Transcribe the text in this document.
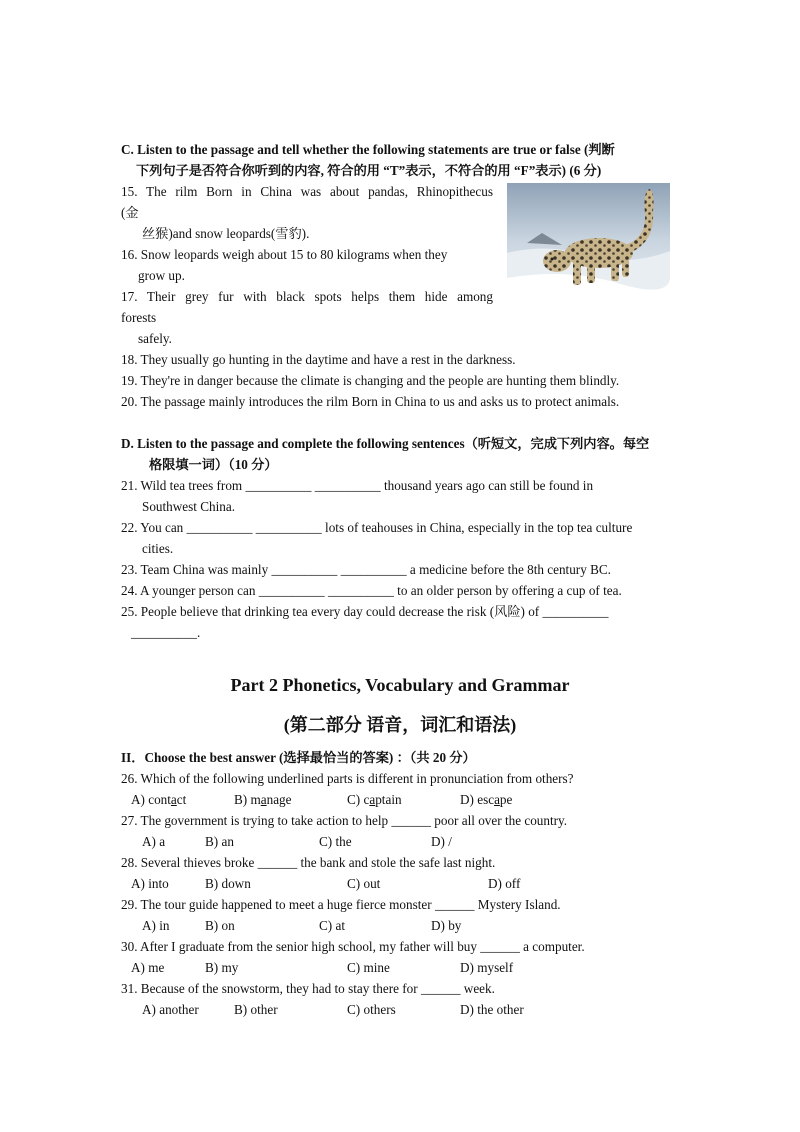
C. Listen to the passage and tell whether the following statements are true or false (判断
下列句子是否符合你听到的内容, 符合的用 “T”表示，不符合的用 “F”表示) (6 分)
15. The rilm Born in China was about pandas, Rhinopithecus
(金
丝猴)and snow leopards(雪豹).
16. Snow leopards weigh about 15 to 80 kilograms when they
grow up.
17. Their grey fur with black spots helps them hide among
forests
safely.
18. They usually go hunting in the daytime and have a rest in the darkness.
19. They're in danger because the climate is changing and the people are hunting them blindly.
20. The passage mainly introduces the rilm Born in China to us and asks us to protect animals.
D. Listen to the passage and complete the following sentences（听短文，完成下列内容。每空
格限填一词）（10 分）
21. Wild tea trees from __________ __________ thousand years ago can still be found in
Southwest China.
22. You can __________ __________ lots of teahouses in China, especially in the top tea culture
cities.
23. Team China was mainly __________ __________ a medicine before the 8th century BC.
24. A younger person can __________ __________ to an older person by offering a cup of tea.
25. People believe that drinking tea every day could decrease the risk (风险) of __________
__________.
Part 2 Phonetics, Vocabulary and Grammar
(第二部分 语音，词汇和语法)
II．Choose the best answer (选择最恰当的答案) ：（共 20 分）
26. Which of the following underlined parts is different in pronunciation from others?
A) contact	B) manage	C) captain	D) escape
27. The government is trying to take action to help ______ poor all over the country.
A) a	B) an	C) the	D) /
28. Several thieves broke ______ the bank and stole the safe last night.
A) into	B) down	C) out	D) off
29. The tour guide happened to meet a huge fierce monster ______ Mystery Island.
A) in	B) on	C) at	D) by
30. After I graduate from the senior high school, my father will buy ______ a computer.
A) me	B) my	C) mine	D) myself
31. Because of the snowstorm, they had to stay there for ______ week.
A) another	B) other	C) others	D) the other
